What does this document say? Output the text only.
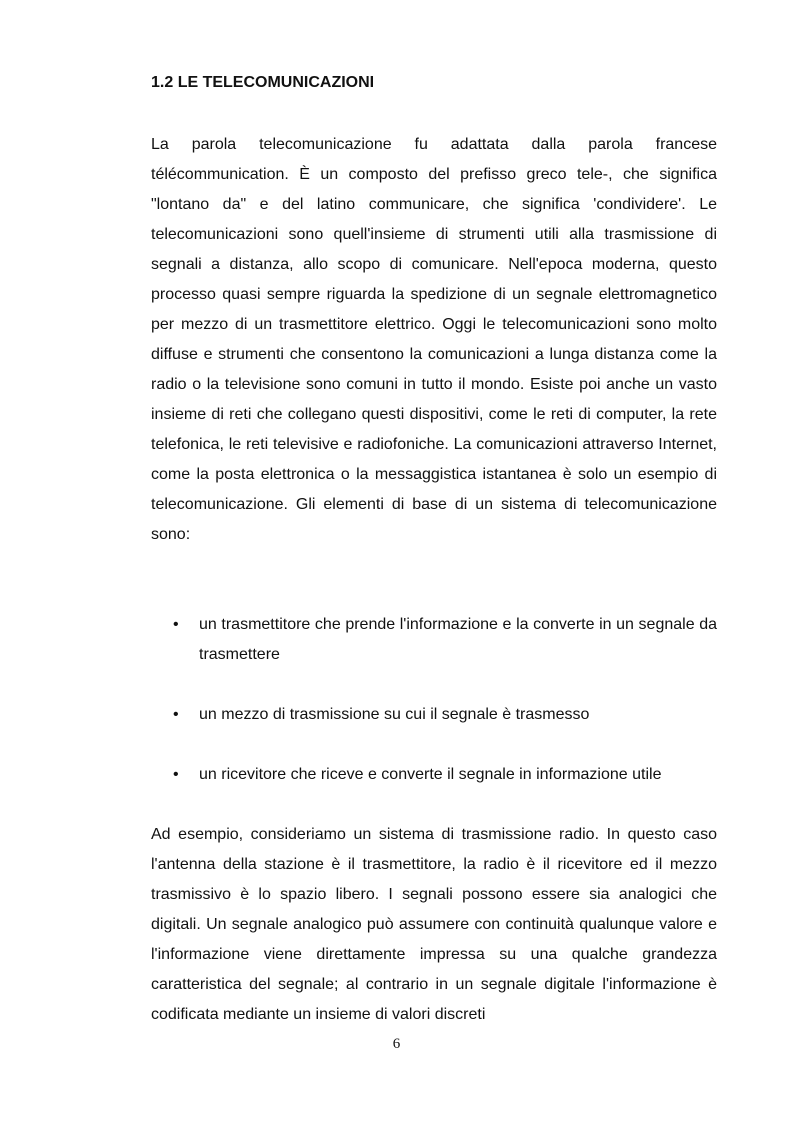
1.2 LE TELECOMUNICAZIONI

La parola telecomunicazione fu adattata dalla parola francese télécommunication. È un composto del prefisso greco tele-, che significa "lontano da" e del latino communicare, che significa 'condividere'. Le telecomunicazioni sono quell'insieme di strumenti utili alla trasmissione di segnali a distanza, allo scopo di comunicare. Nell'epoca moderna, questo processo quasi sempre riguarda la spedizione di un segnale elettromagnetico per mezzo di un trasmettitore elettrico. Oggi le telecomunicazioni sono molto diffuse e strumenti che consentono la comunicazioni a lunga distanza come la radio o la televisione sono comuni in tutto il mondo. Esiste poi anche un vasto insieme di reti che collegano questi dispositivi, come le reti di computer, la rete telefonica, le reti televisive e radiofoniche. La comunicazioni attraverso Internet, come la posta elettronica o la messaggistica istantanea è solo un esempio di telecomunicazione. Gli elementi di base di un sistema di telecomunicazione sono:

• un trasmettitore che prende l'informazione e la converte in un segnale da trasmettere
• un mezzo di trasmissione su cui il segnale è trasmesso
• un ricevitore che riceve e converte il segnale in informazione utile

Ad esempio, consideriamo un sistema di trasmissione radio. In questo caso l'antenna della stazione è il trasmettitore, la radio è il ricevitore ed il mezzo trasmissivo è lo spazio libero. I segnali possono essere sia analogici che digitali. Un segnale analogico può assumere con continuità qualunque valore e l'informazione viene direttamente impressa su una qualche grandezza caratteristica del segnale; al contrario in un segnale digitale l'informazione è codificata mediante un insieme di valori discreti

6
